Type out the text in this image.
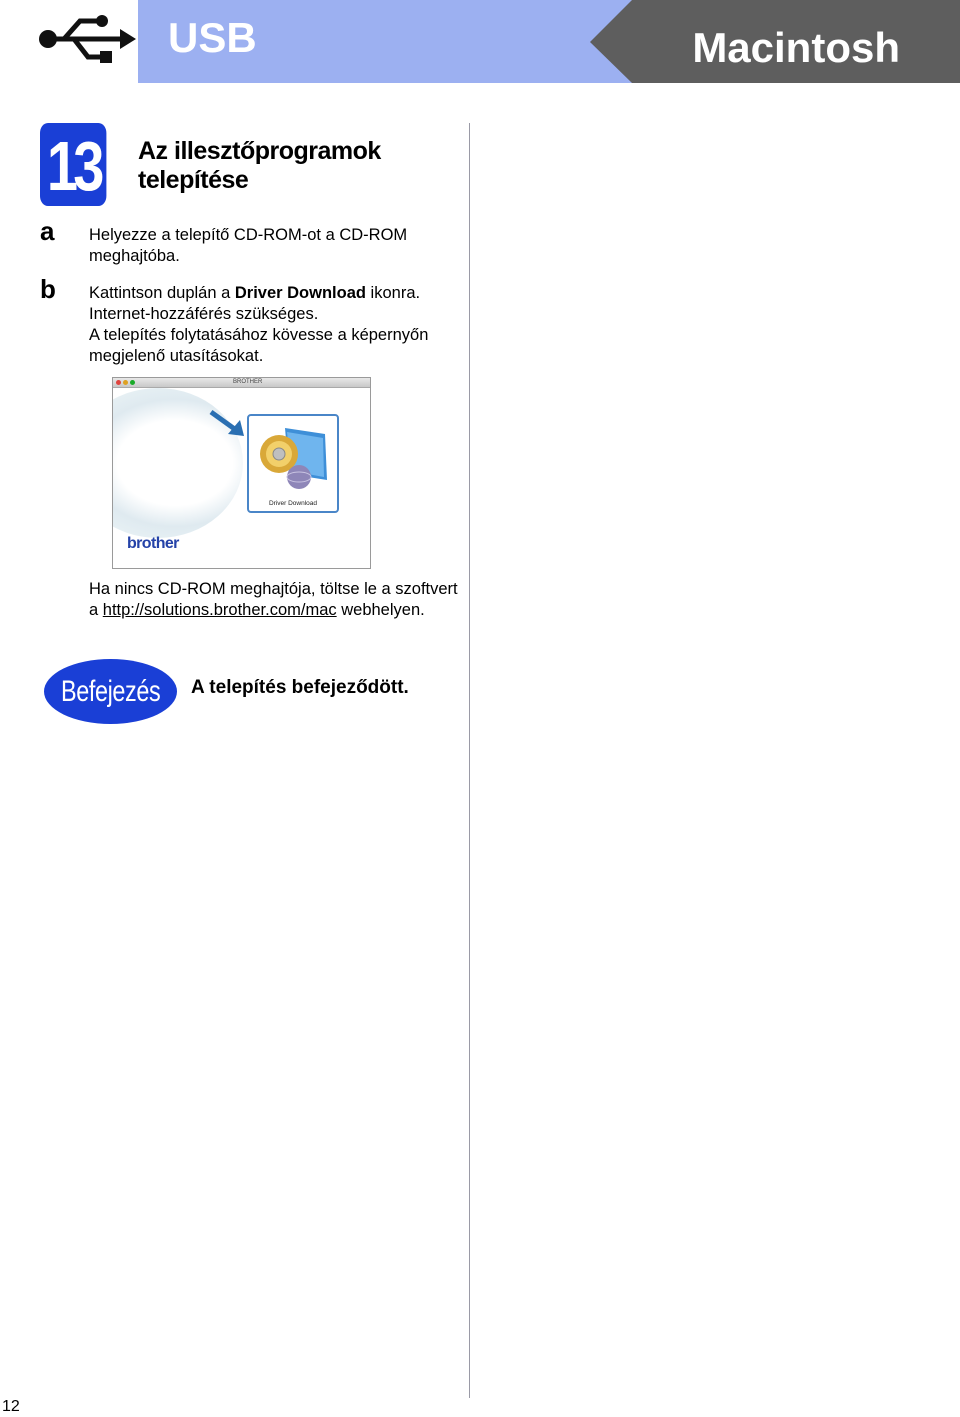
USB	Macintosh
13 Az illesztőprogramok telepítése
a Helyezze a telepítő CD-ROM-ot a CD-ROM meghajtóba.
b Kattintson duplán a Driver Download ikonra.
Internet-hozzáférés szükséges.
A telepítés folytatásához kövesse a képernyőn megjelenő utasításokat.
BROTHER
Driver Download
brother
Ha nincs CD-ROM meghajtója, töltse le a szoftvert a http://solutions.brother.com/mac webhelyen.
Befejezés	A telepítés befejeződött.
12
